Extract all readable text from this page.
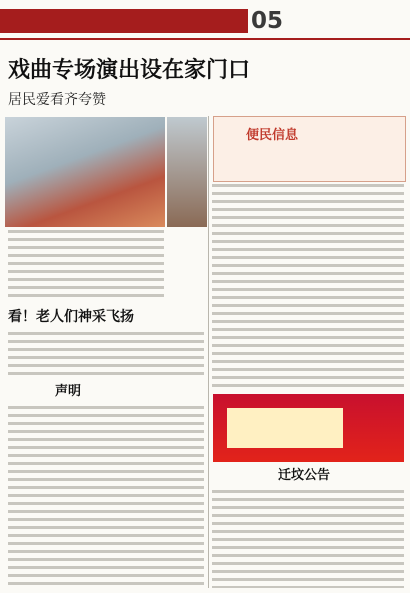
05
戏曲专场演出设在家门口
居民爱看齐夸赞
看！老人们神采飞扬
声明
便民信息
迁坟公告
